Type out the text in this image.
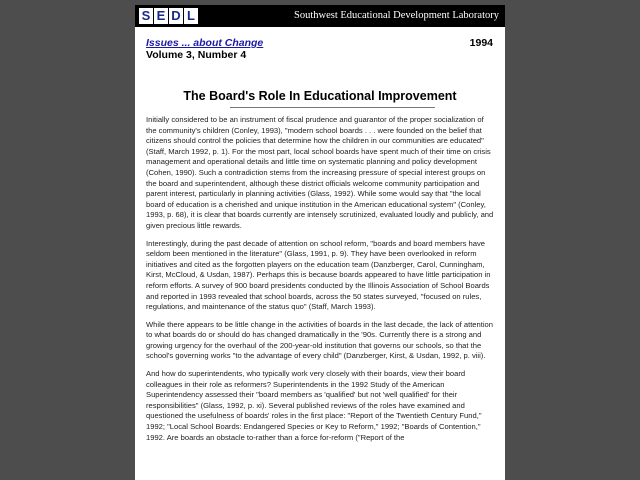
S E D L	Southwest Educational Development Laboratory
Issues ... about Change	1994
Volume 3, Number 4
The Board's Role In Educational Improvement

Initially considered to be an instrument of fiscal prudence and guarantor of the proper socialization of the community's children (Conley, 1993), "modern school boards . . . were founded on the belief that citizens should control the policies that determine how the children in our communities are educated" (Staff, March 1992, p. 1). For the most part, local school boards have spent much of their time on crisis management and operational details and little time on systematic planning and policy development (Cohen, 1990). Such a contradiction stems from the increasing pressure of special interest groups on the board and superintendent, although these district officials welcome community participation and parent interest, particularly in planning activities (Glass, 1992). While some would say that "the local board of education is a cherished and unique institution in the American educational system" (Conley, 1993, p. 68), it is clear that boards currently are intensely scrutinized, evaluated loudly and publicly, and given precious little rewards.

Interestingly, during the past decade of attention on school reform, "boards and board members have seldom been mentioned in the literature" (Glass, 1991, p. 9). They have been overlooked in reform initiatives and cited as the forgotten players on the education team (Danzberger, Carol, Cunningham, Kirst, McCloud, & Usdan, 1987). Perhaps this is because boards appeared to have little participation in reform efforts. A survey of 900 board presidents conducted by the Illinois Association of School Boards and reported in 1993 revealed that school boards, across the 50 states surveyed, "focused on rules, regulations, and maintenance of the status quo" (Staff, March 1993).

While there appears to be little change in the activities of boards in the last decade, the lack of attention to what boards do or should do has changed dramatically in the '90s. Currently there is a strong and growing urgency for the overhaul of the 200-year-old institution that governs our schools, so that the school's governing works "to the advantage of every child" (Danzberger, Kirst, & Usdan, 1992, p. viii).

And how do superintendents, who typically work very closely with their boards, view their board colleagues in their role as reformers? Superintendents in the 1992 Study of the American Superintendency assessed their "board members as 'qualified' but not 'well qualified' for their responsibilities" (Glass, 1992, p. xi). Several published reviews of the roles have examined and questioned the usefulness of boards' roles in the first place: "Report of the Twentieth Century Fund," 1992; "Local School Boards: Endangered Species or Key to Reform," 1992; "Boards of Contention," 1992. Are boards an obstacle to-rather than a force for-reform ("Report of the
